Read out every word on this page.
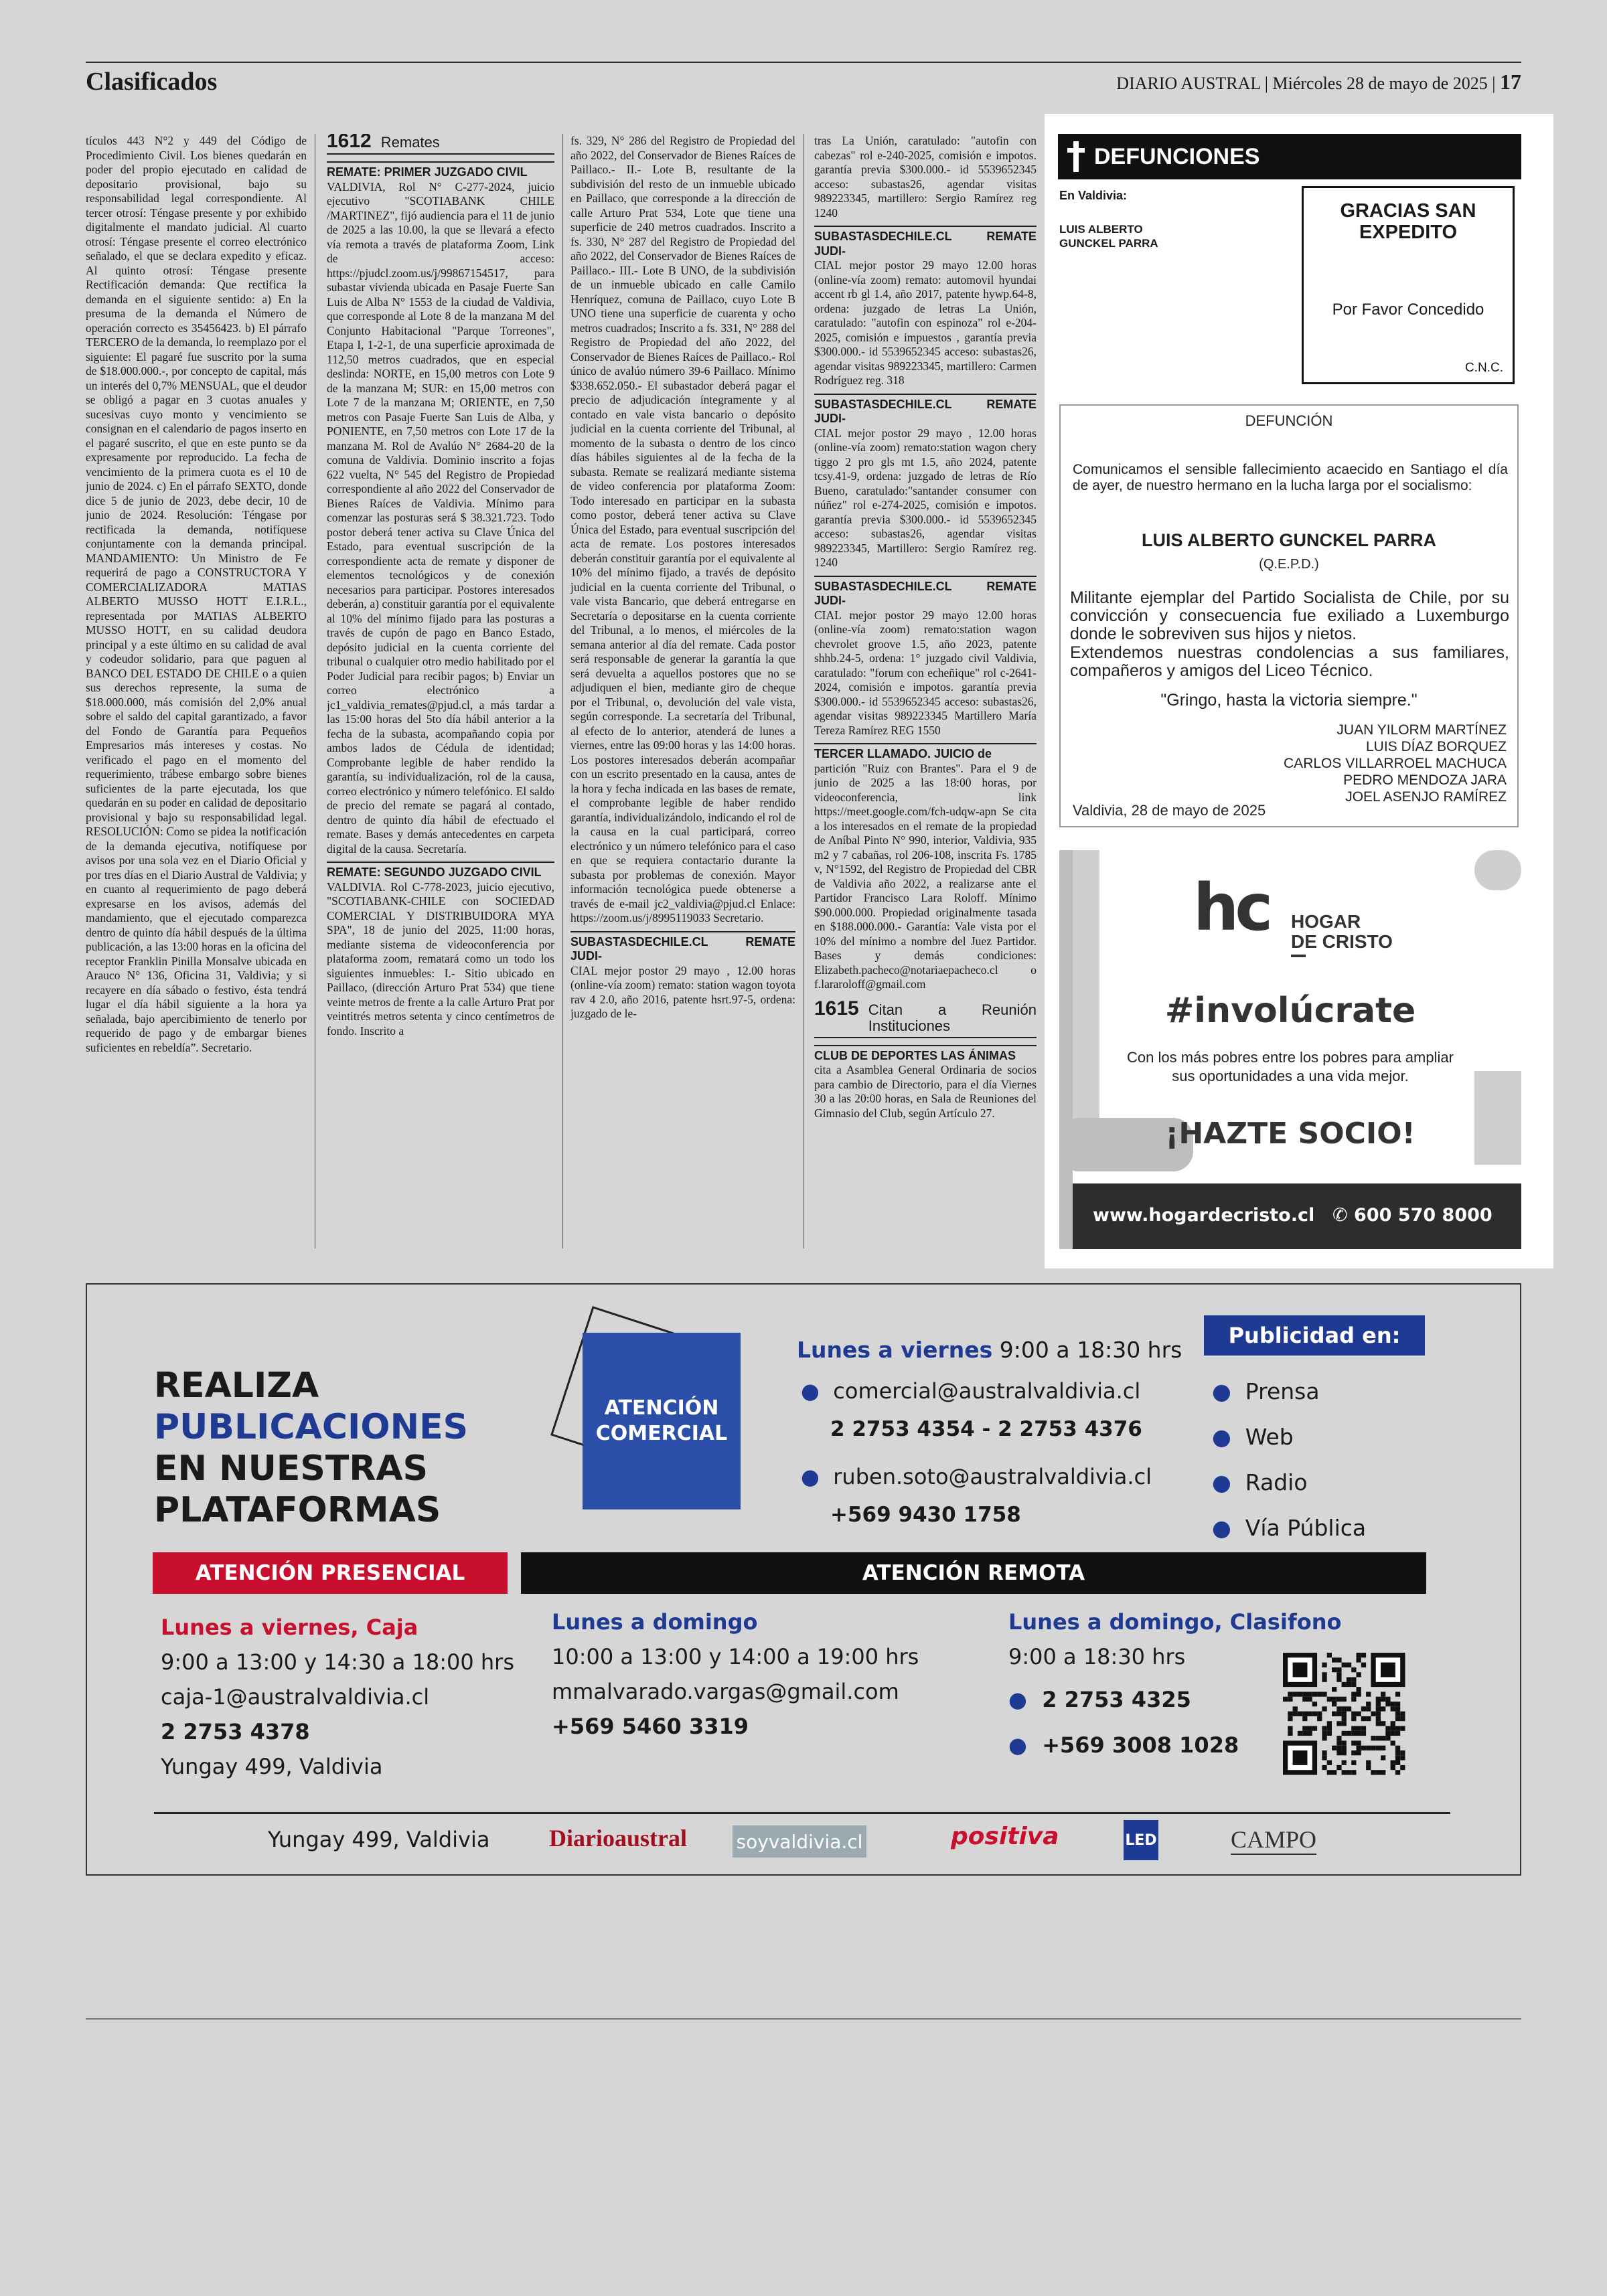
Clasificados	DIARIO AUSTRAL | Miércoles 28 de mayo de 2025 | 17

tículos 443 N°2 y 449 del Código de Procedimiento Civil. Los bienes quedarán en poder del propio ejecutado en calidad de depositario provisional, bajo su responsabilidad legal correspondiente. Al tercer otrosí: Téngase presente y por exhibido digitalmente el mandato judicial. Al cuarto otrosí: Téngase presente el correo electrónico señalado, el que se declara expedito y eficaz. Al quinto otrosí: Téngase presente Rectificación demanda: Que rectifica la demanda en el siguiente sentido: a) En la presuma de la demanda el Número de operación correcto es 35456423. b) El párrafo TERCERO de la demanda, lo reemplazo por el siguiente: El pagaré fue suscrito por la suma de $18.000.000.-, por concepto de capital, más un interés del 0,7% MENSUAL, que el deudor se obligó a pagar en 3 cuotas anuales y sucesivas cuyo monto y vencimiento se consignan en el calendario de pagos inserto en el pagaré suscrito, el que en este punto se da expresamente por reproducido. La fecha de vencimiento de la primera cuota es el 10 de junio de 2024. c) En el párrafo SEXTO, donde dice 5 de junio de 2023, debe decir, 10 de junio de 2024. Resolución: Téngase por rectificada la demanda, notifíquese conjuntamente con la demanda principal. MANDAMIENTO: Un Ministro de Fe requerirá de pago a CONSTRUCTORA Y COMERCIALIZADORA MATIAS ALBERTO MUSSO HOTT E.I.R.L., representada por MATIAS ALBERTO MUSSO HOTT, en su calidad deudora principal y a este último en su calidad de aval y codeudor solidario, para que paguen al BANCO DEL ESTADO DE CHILE o a quien sus derechos represente, la suma de $18.000.000, más comisión del 2,0% anual sobre el saldo del capital garantizado, a favor del Fondo de Garantía para Pequeños Empresarios más intereses y costas. No verificado el pago en el momento del requerimiento, trábese embargo sobre bienes suficientes de la parte ejecutada, los que quedarán en su poder en calidad de depositario provisional y bajo su responsabilidad legal. RESOLUCIÓN: Como se pidea la notificación de la demanda ejecutiva, notifíquese por avisos por una sola vez en el Diario Oficial y por tres días en el Diario Austral de Valdivia; y en cuanto al requerimiento de pago deberá expresarse en los avisos, además del mandamiento, que el ejecutado comparezca dentro de quinto día hábil después de la última publicación, a las 13:00 horas en la oficina del receptor Franklin Pinilla Monsalve ubicada en Arauco N° 136, Oficina 31, Valdivia; y si recayere en día sábado o festivo, ésta tendrá lugar el día hábil siguiente a la hora ya señalada, bajo apercibimiento de tenerlo por requerido de pago y de embargar bienes suficientes en rebeldía”. Secretario.

1612 Remates
REMATE: PRIMER JUZGADO CIVIL

VALDIVIA, Rol N° C-277-2024, juicio ejecutivo "SCOTIABANK CHILE /MARTINEZ", fijó audiencia para el 11 de junio de 2025 a las 10.00, la que se llevará a efecto vía remota a través de plataforma Zoom, Link de acceso: https://pjudcl.zoom.us/j/99867154517, para subastar vivienda ubicada en Pasaje Fuerte San Luis de Alba N° 1553 de la ciudad de Valdivia, que corresponde al Lote 8 de la manzana M del Conjunto Habitacional "Parque Torreones", Etapa I, 1-2-1, de una superficie aproximada de 112,50 metros cuadrados, que en especial deslinda: NORTE, en 15,00 metros con Lote 9 de la manzana M; SUR: en 15,00 metros con Lote 7 de la manzana M; ORIENTE, en 7,50 metros con Pasaje Fuerte San Luis de Alba, y PONIENTE, en 7,50 metros con Lote 17 de la manzana M. Rol de Avalúo N° 2684-20 de la comuna de Valdivia. Dominio inscrito a fojas 622 vuelta, N° 545 del Registro de Propiedad correspondiente al año 2022 del Conservador de Bienes Raíces de Valdivia. Mínimo para comenzar las posturas será $ 38.321.723. Todo postor deberá tener activa su Clave Única del Estado, para eventual suscripción de la correspondiente acta de remate y disponer de elementos tecnológicos y de conexión necesarios para participar. Postores interesados deberán, a) constituir garantía por el equivalente al 10% del mínimo fijado para las posturas a través de cupón de pago en Banco Estado, depósito judicial en la cuenta corriente del tribunal o cualquier otro medio habilitado por el Poder Judicial para recibir pagos; b) Enviar un correo electrónico a jc1_valdivia_remates@pjud.cl, a más tardar a las 15:00 horas del 5to día hábil anterior a la fecha de la subasta, acompañando copia por ambos lados de Cédula de identidad; Comprobante legible de haber rendido la garantía, su individualización, rol de la causa, correo electrónico y número telefónico. El saldo de precio del remate se pagará al contado, dentro de quinto día hábil de efectuado el remate. Bases y demás antecedentes en carpeta digital de la causa. Secretaría.

REMATE: SEGUNDO JUZGADO CIVIL

VALDIVIA. Rol C-778-2023, juicio ejecutivo, "SCOTIABANK-CHILE con SOCIEDAD COMERCIAL Y DISTRIBUIDORA MYA SPA", 18 de junio del 2025, 11:00 horas, mediante sistema de videoconferencia por plataforma zoom, rematará como un todo los siguientes inmuebles: I.- Sitio ubicado en Paillaco, (dirección Arturo Prat 534) que tiene veinte metros de frente a la calle Arturo Prat por veintitrés metros setenta y cinco centímetros de fondo. Inscrito a

fs. 329, N° 286 del Registro de Propiedad del año 2022, del Conservador de Bienes Raíces de Paillaco.- II.- Lote B, resultante de la subdivisión del resto de un inmueble ubicado en Paillaco, que corresponde a la dirección de calle Arturo Prat 534, Lote que tiene una superficie de 240 metros cuadrados. Inscrito a fs. 330, N° 287 del Registro de Propiedad del año 2022, del Conservador de Bienes Raíces de Paillaco.- III.- Lote B UNO, de la subdivisión de un inmueble ubicado en calle Camilo Henríquez, comuna de Paillaco, cuyo Lote B UNO tiene una superficie de cuarenta y ocho metros cuadrados; Inscrito a fs. 331, N° 288 del Registro de Propiedad del año 2022, del Conservador de Bienes Raíces de Paillaco.- Rol único de avalúo número 39-6 Paillaco. Mínimo $338.652.050.- El subastador deberá pagar el precio de adjudicación íntegramente y al contado en vale vista bancario o depósito judicial en la cuenta corriente del Tribunal, al momento de la subasta o dentro de los cinco días hábiles siguientes al de la fecha de la subasta. Remate se realizará mediante sistema de video conferencia por plataforma Zoom: Todo interesado en participar en la subasta como postor, deberá tener activa su Clave Única del Estado, para eventual suscripción del acta de remate. Los postores interesados deberán constituir garantía por el equivalente al 10% del mínimo fijado, a través de depósito judicial en la cuenta corriente del Tribunal, o vale vista Bancario, que deberá entregarse en Secretaría o depositarse en la cuenta corriente del Tribunal, a lo menos, el miércoles de la semana anterior al día del remate. Cada postor será responsable de generar la garantía la que será devuelta a aquellos postores que no se adjudiquen el bien, mediante giro de cheque por el Tribunal, o, devolución del vale vista, según corresponde. La secretaría del Tribunal, al efecto de lo anterior, atenderá de lunes a viernes, entre las 09:00 horas y las 14:00 horas. Los postores interesados deberán acompañar con un escrito presentado en la causa, antes de la hora y fecha indicada en las bases de remate, el comprobante legible de haber rendido garantía, individualizándolo, indicando el rol de la causa en la cual participará, correo electrónico y un número telefónico para el caso en que se requiera contactario durante la subasta por problemas de conexión. Mayor información tecnológica puede obtenerse a través de e-mail jc2_valdivia@pjud.cl Enlace: https://zoom.us/j/8995119033 Secretario.

SUBASTASDECHILE.CL REMATE JUDI-

CIAL mejor postor 29 mayo , 12.00 horas (online-vía zoom) remato: station wagon toyota rav 4 2.0, año 2016, patente hsrt.97-5, ordena: juzgado de le-

tras La Unión, caratulado: "autofin con cabezas" rol e-240-2025, comisión e impotos. garantía previa $300.000.- id 5539652345 acceso: subastas26, agendar visitas 989223345, martillero: Sergio Ramírez reg 1240

SUBASTASDECHILE.CL REMATE JUDI-

CIAL mejor postor 29 mayo 12.00 horas (online-vía zoom) remato: automovil hyundai accent rb gl 1.4, año 2017, patente hywp.64-8, ordena: juzgado de letras La Unión, caratulado: "autofin con espinoza" rol e-204-2025, comisión e impuestos , garantía previa $300.000.- id 5539652345 acceso: subastas26, agendar visitas 989223345, martillero: Carmen Rodríguez reg. 318

SUBASTASDECHILE.CL REMATE JUDI-

CIAL mejor postor 29 mayo , 12.00 horas (online-vía zoom) remato:station wagon chery tiggo 2 pro gls mt 1.5, año 2024, patente tcsy.41-9, ordena: juzgado de letras de Río Bueno, caratulado:"santander consumer con núñez" rol e-274-2025, comisión e impotos. garantía previa $300.000.- id 5539652345 acceso: subastas26, agendar visitas 989223345, Martillero: Sergio Ramírez reg. 1240

SUBASTASDECHILE.CL REMATE JUDI-

CIAL mejor postor 29 mayo 12.00 horas (online-vía zoom) remato:station wagon chevrolet groove 1.5, año 2023, patente shhb.24-5, ordena: 1° juzgado civil Valdivia, caratulado: "forum con echeñique" rol c-2641-2024, comisión e impotos. garantía previa $300.000.- id 5539652345 acceso: subastas26, agendar visitas 989223345 Martillero María Tereza Ramírez REG 1550

TERCER LLAMADO. JUICIO de

partición "Ruiz con Brantes". Para el 9 de junio de 2025 a las 18:00 horas, por videoconferencia, link https://meet.google.com/fch-udqw-apn Se cita a los interesados en el remate de la propiedad de Aníbal Pinto N° 990, interior, Valdivia, 935 m2 y 7 cabañas, rol 206-108, inscrita Fs. 1785 v, N°1592, del Registro de Propiedad del CBR de Valdivia año 2022, a realizarse ante el Partidor Francisco Lara Roloff. Mínimo $90.000.000. Propiedad originalmente tasada en $188.000.000.- Garantía: Vale vista por el 10% del mínimo a nombre del Juez Partidor. Bases y demás condiciones: Elizabeth.pacheco@notariaepacheco.cl o f.lararoloff@gmail.com

1615 Citan a Reunión Instituciones
CLUB DE DEPORTES LAS ÁNIMAS

cita a Asamblea General Ordinaria de socios para cambio de Directorio, para el día Viernes 30 a las 20:00 horas, en Sala de Reuniones del Gimnasio del Club, según Artículo 27.

DEFUNCIONES
En Valdivia:
LUIS ALBERTO GUNCKEL PARRA
GRACIAS SAN EXPEDITO
Por Favor Concedido
C.N.C.
DEFUNCIÓN
Comunicamos el sensible fallecimiento acaecido en Santiago el día de ayer, de nuestro hermano en la lucha larga por el socialismo:
LUIS ALBERTO GUNCKEL PARRA
(Q.E.P.D.)
Militante ejemplar del Partido Socialista de Chile, por su convicción y consecuencia fue exiliado a Luxemburgo donde le sobreviven sus hijos y nietos.
Extendemos nuestras condolencias a sus familiares, compañeros y amigos del Liceo Técnico.
"Gringo, hasta la victoria siempre."
JUAN YILORM MARTÍNEZ
LUIS DÍAZ BORQUEZ
CARLOS VILLARROEL MACHUCA
PEDRO MENDOZA JARA
JOEL ASENJO RAMÍREZ
Valdivia, 28 de mayo de 2025
hc HOGAR
DE CRISTO
#involúcrate
Con los más pobres entre los pobres para ampliar
sus oportunidades a una vida mejor.
¡HAZTE SOCIO!
www.hogardecristo.cl ✆ 600 570 8000
REALIZA
PUBLICACIONES
EN NUESTRAS
PLATAFORMAS
ATENCIÓN COMERCIAL
Lunes a viernes 9:00 a 18:30 hrs
● comercial@australvaldivia.cl
2 2753 4354 - 2 2753 4376
● ruben.soto@australvaldivia.cl
+569 9430 1758
Publicidad en:
● Prensa
● Web
● Radio
● Vía Pública
ATENCIÓN PRESENCIAL	ATENCIÓN REMOTA
Lunes a viernes, Caja
9:00 a 13:00 y 14:30 a 18:00 hrs
caja-1@australvaldivia.cl
2 2753 4378
Yungay 499, Valdivia
Lunes a domingo
10:00 a 13:00 y 14:00 a 19:00 hrs
mmalvarado.vargas@gmail.com
+569 5460 3319
Lunes a domingo, Clasifono
9:00 a 18:30 hrs
● 2 2753 4325
● +569 3008 1028
Yungay 499, Valdivia Diarioaustral	soyvaldivia.cl	positiva	LED	CAMPO
